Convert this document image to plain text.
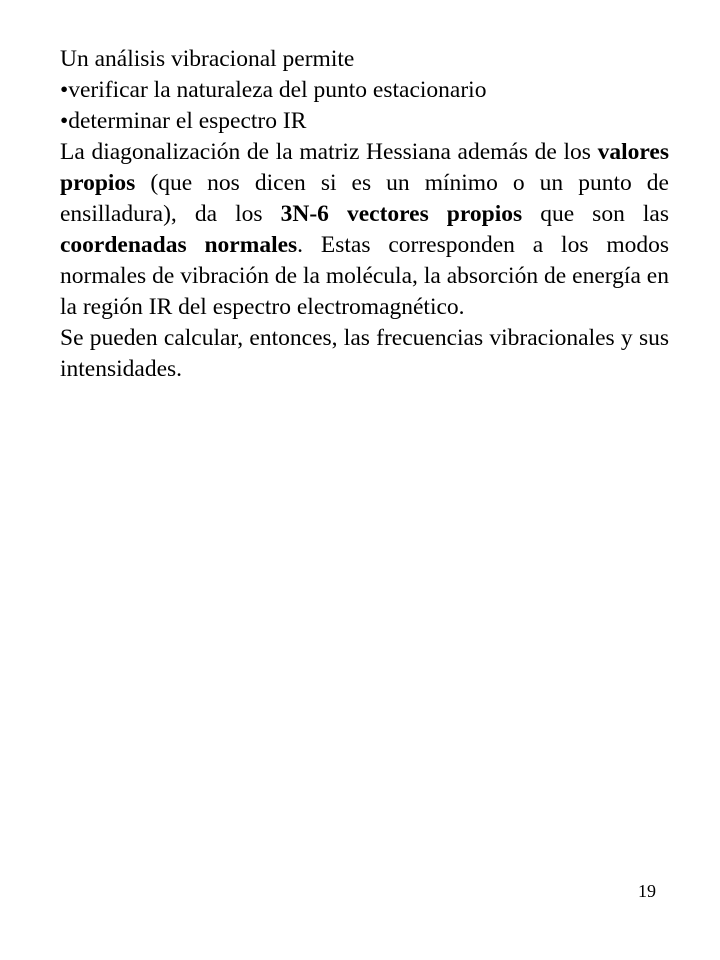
Un análisis vibracional permite

•verificar la naturaleza del punto estacionario

•determinar el espectro IR

La diagonalización de la matriz Hessiana además de los valores propios (que nos dicen si es un mínimo o un punto de ensilladura), da los 3N-6 vectores propios que son las coordenadas normales. Estas corresponden a los modos normales de vibración de la molécula, la absorción de energía en la región IR del espectro electromagnético.

Se pueden calcular, entonces, las frecuencias vibracionales y sus intensidades.

19
